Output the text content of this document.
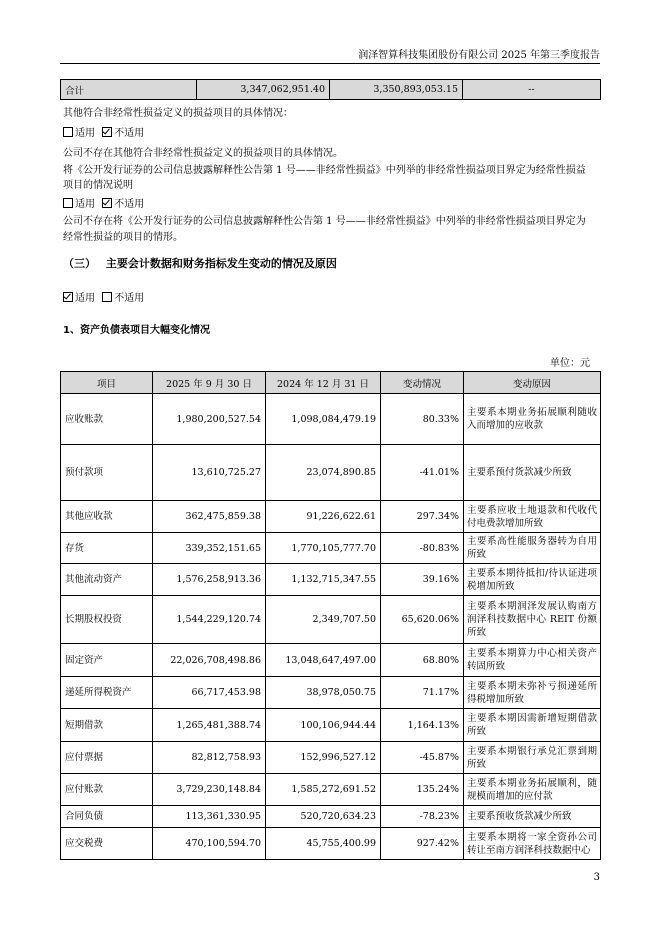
润泽智算科技集团股份有限公司 2025 年第三季度报告
合计	3,347,062,951.40	3,350,893,053.15	--
其他符合非经常性损益定义的损益项目的具体情况：
适用 不适用
公司不存在其他符合非经常性损益定义的损益项目的具体情况。
将《公开发行证券的公司信息披露解释性公告第 1 号——非经常性损益》中列举的非经常性损益项目界定为经常性损益
项目的情况说明
适用 不适用
公司不存在将《公开发行证券的公司信息披露解释性公告第 1 号——非经常性损益》中列举的非经常性损益项目界定为
经常性损益的项目的情形。
（三） 主要会计数据和财务指标发生变动的情况及原因
适用 不适用
1、资产负债表项目大幅变化情况
单位：元
项目	2025 年 9 月 30 日	2024 年 12 月 31 日	变动情况	变动原因
应收账款	1,980,200,527.54	1,098,084,479.19	80.33%	主要系本期业务拓展顺利随收入而增加的应收款
预付款项	13,610,725.27	23,074,890.85	-41.01%	主要系预付货款减少所致
其他应收款	362,475,859.38	91,226,622.61	297.34%	主要系应收土地退款和代收代付电费款增加所致
存货	339,352,151.65	1,770,105,777.70	-80.83%	主要系高性能服务器转为自用所致
其他流动资产	1,576,258,913.36	1,132,715,347.55	39.16%	主要系本期待抵扣/待认证进项税增加所致
长期股权投资	1,544,229,120.74	2,349,707.50	65,620.06%	主要系本期润泽发展认购南方润泽科技数据中心 REIT 份额所致
固定资产	22,026,708,498.86	13,048,647,497.00	68.80%	主要系本期算力中心相关资产转固所致
递延所得税资产	66,717,453.98	38,978,050.75	71.17%	主要系本期未弥补亏损递延所得税增加所致
短期借款	1,265,481,388.74	100,106,944.44	1,164.13%	主要系本期因需新增短期借款所致
应付票据	82,812,758.93	152,996,527.12	-45.87%	主要系本期银行承兑汇票到期所致
应付账款	3,729,230,148.84	1,585,272,691.52	135.24%	主要系本期业务拓展顺利，随规模而增加的应付款
合同负债	113,361,330.95	520,720,634.23	-78.23%	主要系预收货款减少所致
应交税费	470,100,594.70	45,755,400.99	927.42%	主要系本期将一家全资孙公司转让至南方润泽科技数据中心
3
